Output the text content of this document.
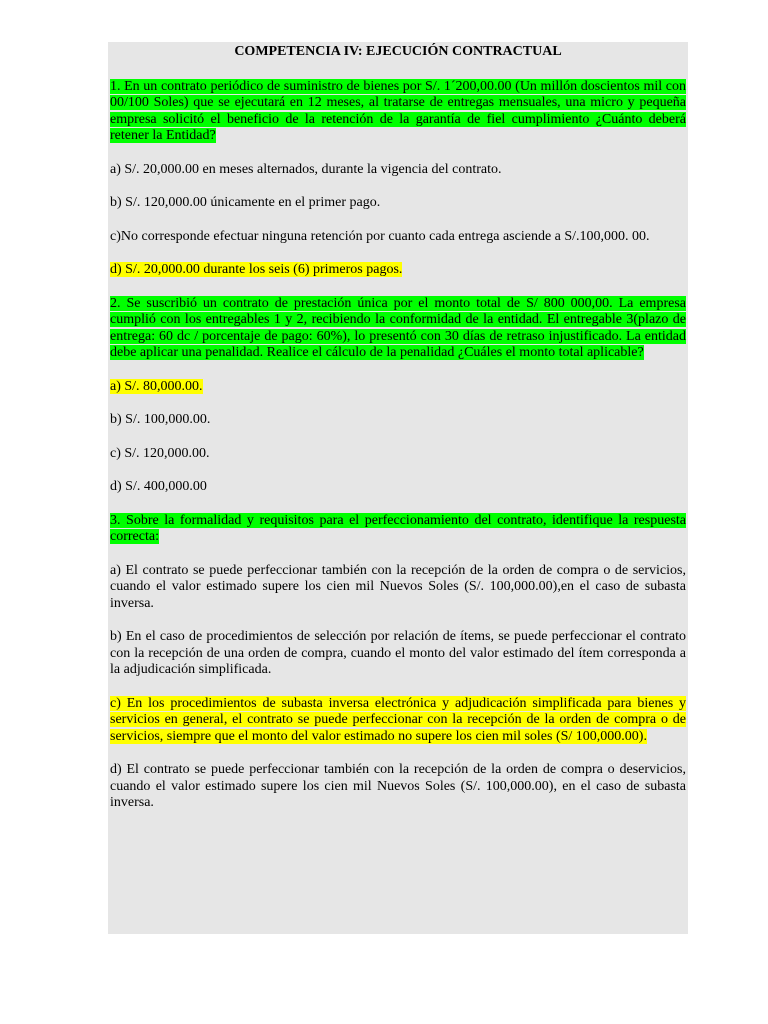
COMPETENCIA IV: EJECUCIÓN CONTRACTUAL

1. En un contrato periódico de suministro de bienes por S/. 1´200,00.00 (Un millón doscientos mil con 00/100 Soles) que se ejecutará en 12 meses, al tratarse de entregas mensuales, una micro y pequeña empresa solicitó el beneficio de la retención de la garantía de fiel cumplimiento ¿Cuánto deberá retener la Entidad?

a) S/. 20,000.00 en meses alternados, durante la vigencia del contrato.

b) S/. 120,000.00 únicamente en el primer pago.

c)No corresponde efectuar ninguna retención por cuanto cada entrega asciende a S/.100,000. 00.

d) S/. 20,000.00 durante los seis (6) primeros pagos.

2. Se suscribió un contrato de prestación única por el monto total de S/ 800 000,00. La empresa cumplió con los entregables 1 y 2, recibiendo la conformidad de la entidad. El entregable 3(plazo de entrega: 60 dc / porcentaje de pago: 60%), lo presentó con 30 días de retraso injustificado. La entidad debe aplicar una penalidad. Realice el cálculo de la penalidad ¿Cuáles el monto total aplicable?

a) S/. 80,000.00.

b) S/. 100,000.00.

c) S/. 120,000.00.

d) S/. 400,000.00

3. Sobre la formalidad y requisitos para el perfeccionamiento del contrato, identifique la respuesta correcta:

a) El contrato se puede perfeccionar también con la recepción de la orden de compra o de servicios, cuando el valor estimado supere los cien mil Nuevos Soles (S/. 100,000.00),en el caso de subasta inversa.

b) En el caso de procedimientos de selección por relación de ítems, se puede perfeccionar el contrato con la recepción de una orden de compra, cuando el monto del valor estimado del ítem corresponda a la adjudicación simplificada.

c) En los procedimientos de subasta inversa electrónica y adjudicación simplificada para bienes y servicios en general, el contrato se puede perfeccionar con la recepción de la orden de compra o de servicios, siempre que el monto del valor estimado no supere los cien mil soles (S/ 100,000.00).

d) El contrato se puede perfeccionar también con la recepción de la orden de compra o deservicios, cuando el valor estimado supere los cien mil Nuevos Soles (S/. 100,000.00), en el caso de subasta inversa.
